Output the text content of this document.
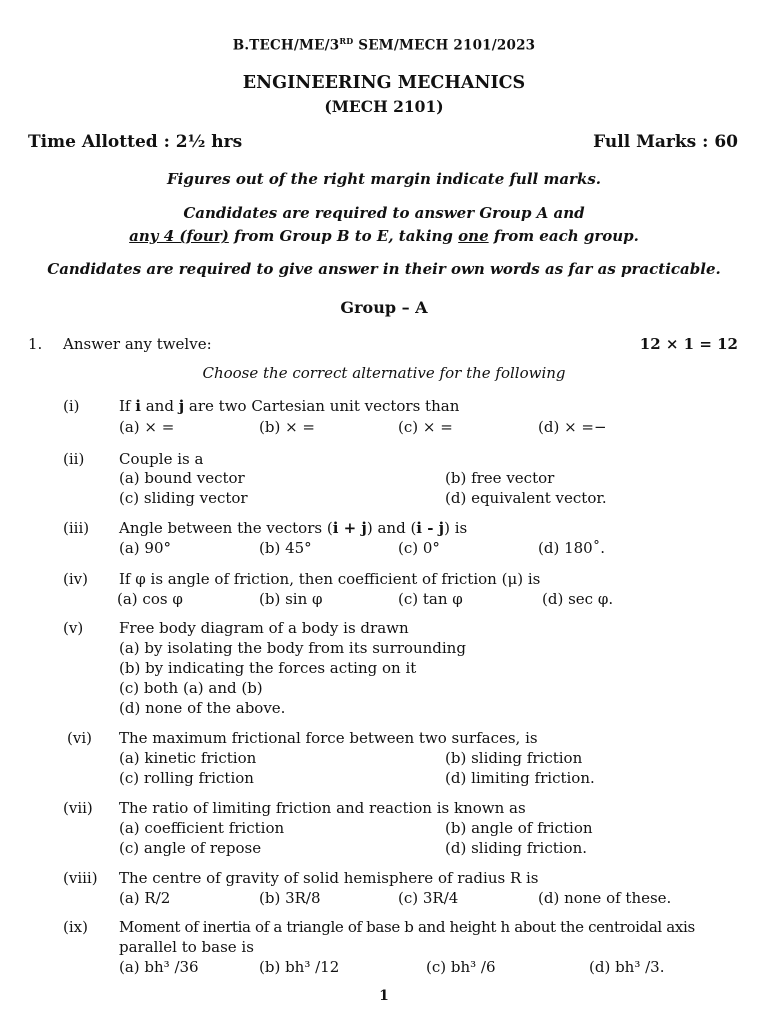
B.TECH/ME/3RD SEM/MECH 2101/2023
ENGINEERING MECHANICS
(MECH 2101)
Time Allotted : 2½ hrs	Full Marks : 60
Figures out of the right margin indicate full marks.
Candidates are required to answer Group A and
any 4 (four) from Group B to E, taking one from each group.
Candidates are required to give answer in their own words as far as practicable.
Group – A
1. Answer any twelve:	12 × 1 = 12
Choose the correct alternative for the following
(i)	If i and j are two Cartesian unit vectors than
(a) × =	(b) × =	(c) × =	(d) × =−
(ii) Couple is a
(a) bound vector	(b) free vector
(c) sliding vector	(d) equivalent vector.
(iii) Angle between the vectors (i + j) and (i - j) is
(a) 90°	(b) 45°	(c) 0°	(d) 180˚.
(iv) If φ is angle of friction, then coefficient of friction (μ) is
(a) cos φ	(b) sin φ	(c) tan φ	(d) sec φ.
(v) Free body diagram of a body is drawn
(a) by isolating the body from its surrounding
(b) by indicating the forces acting on it
(c) both (a) and (b)
(d) none of the above.
(vi) The maximum frictional force between two surfaces, is
(a) kinetic friction	(b) sliding friction
(c) rolling friction	(d) limiting friction.
(vii) The ratio of limiting friction and reaction is known as
(a) coefficient friction	(b) angle of friction
(c) angle of repose	(d) sliding friction.
(viii) The centre of gravity of solid hemisphere of radius R is
(a) R/2	(b) 3R/8	(c) 3R/4	(d) none of these.
(ix) Moment of inertia of a triangle of base b and height h about the centroidal axis
parallel to base is
(a) bh³ /36	(b) bh³ /12	(c) bh³ /6	(d) bh³ /3.
1
